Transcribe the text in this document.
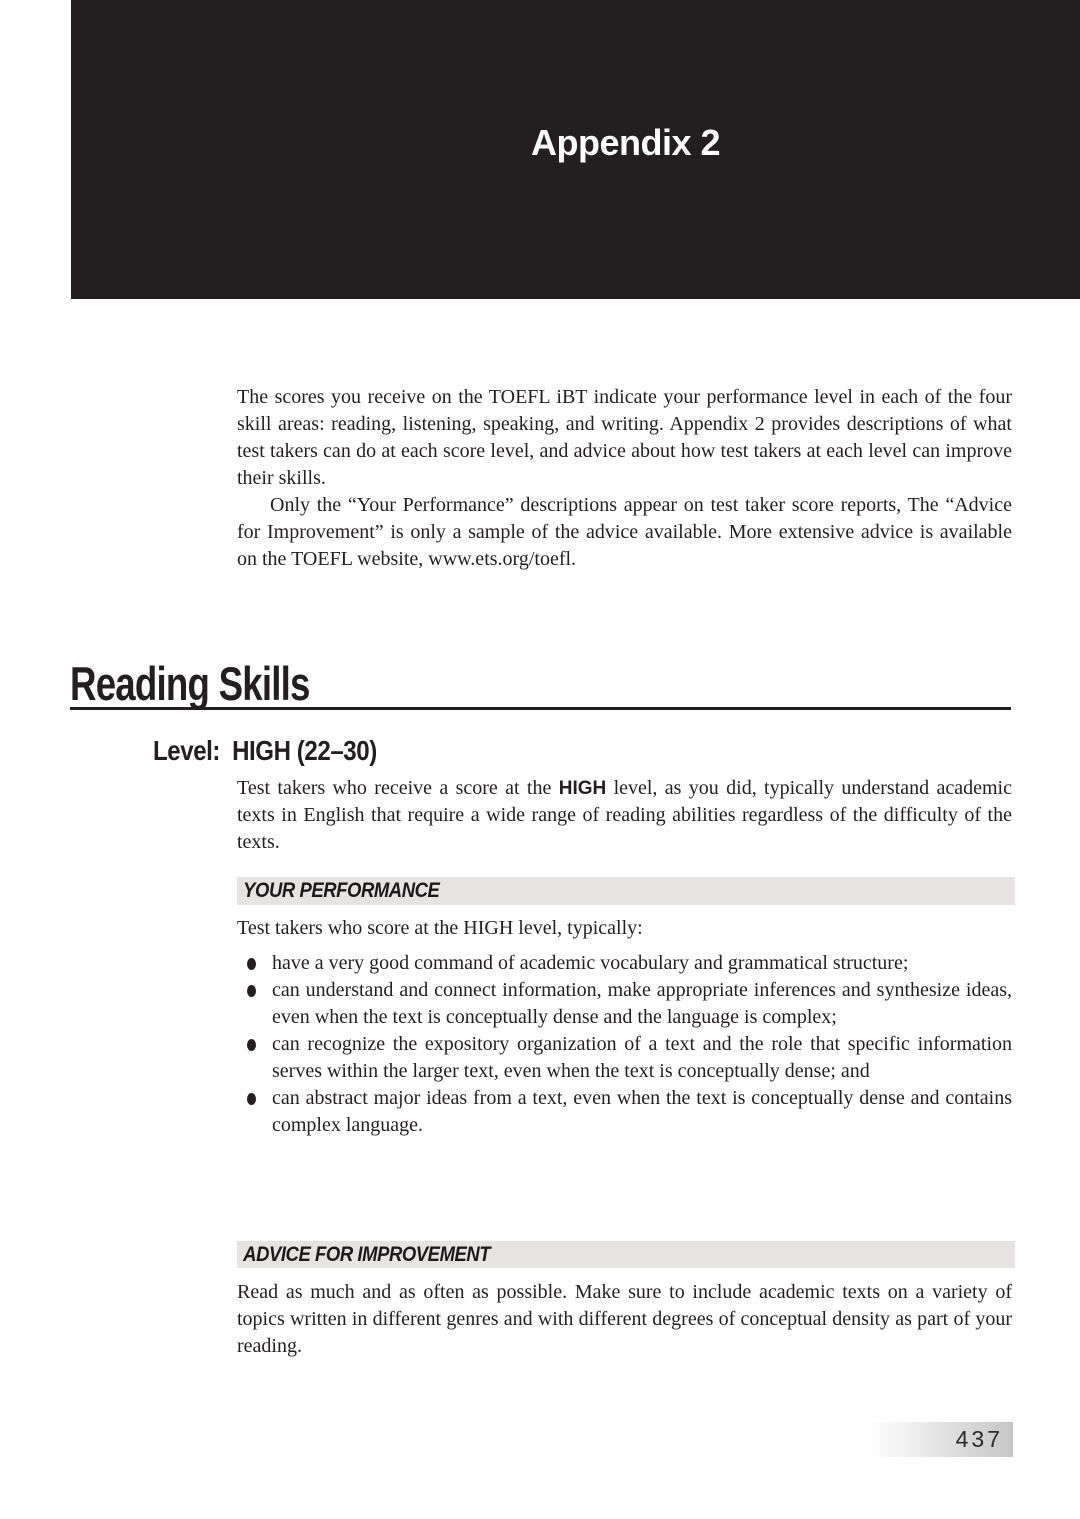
Appendix 2

The scores you receive on the TOEFL iBT indicate your performance level in each of the four skill areas: reading, listening, speaking, and writing. Appendix 2 provides descriptions of what test takers can do at each score level, and advice about how test takers at each level can improve their skills.

Only the “Your Performance” descriptions appear on test taker score reports, The “Advice for Improvement” is only a sample of the advice available. More extensive advice is available on the TOEFL website, www.ets.org/toefl.

Reading Skills
Level: HIGH (22–30)

Test takers who receive a score at the HIGH level, as you did, typically understand academic texts in English that require a wide range of reading abilities regardless of the difficulty of the texts.

YOUR PERFORMANCE

Test takers who score at the HIGH level, typically:

have a very good command of academic vocabulary and grammatical structure;
can understand and connect information, make appropriate inferences and synthesize ideas, even when the text is conceptually dense and the language is complex;
can recognize the expository organization of a text and the role that specific information serves within the larger text, even when the text is conceptually dense; and
can abstract major ideas from a text, even when the text is conceptually dense and contains complex language.
ADVICE FOR IMPROVEMENT

Read as much and as often as possible. Make sure to include academic texts on a variety of topics written in different genres and with different degrees of conceptual density as part of your reading.

437
